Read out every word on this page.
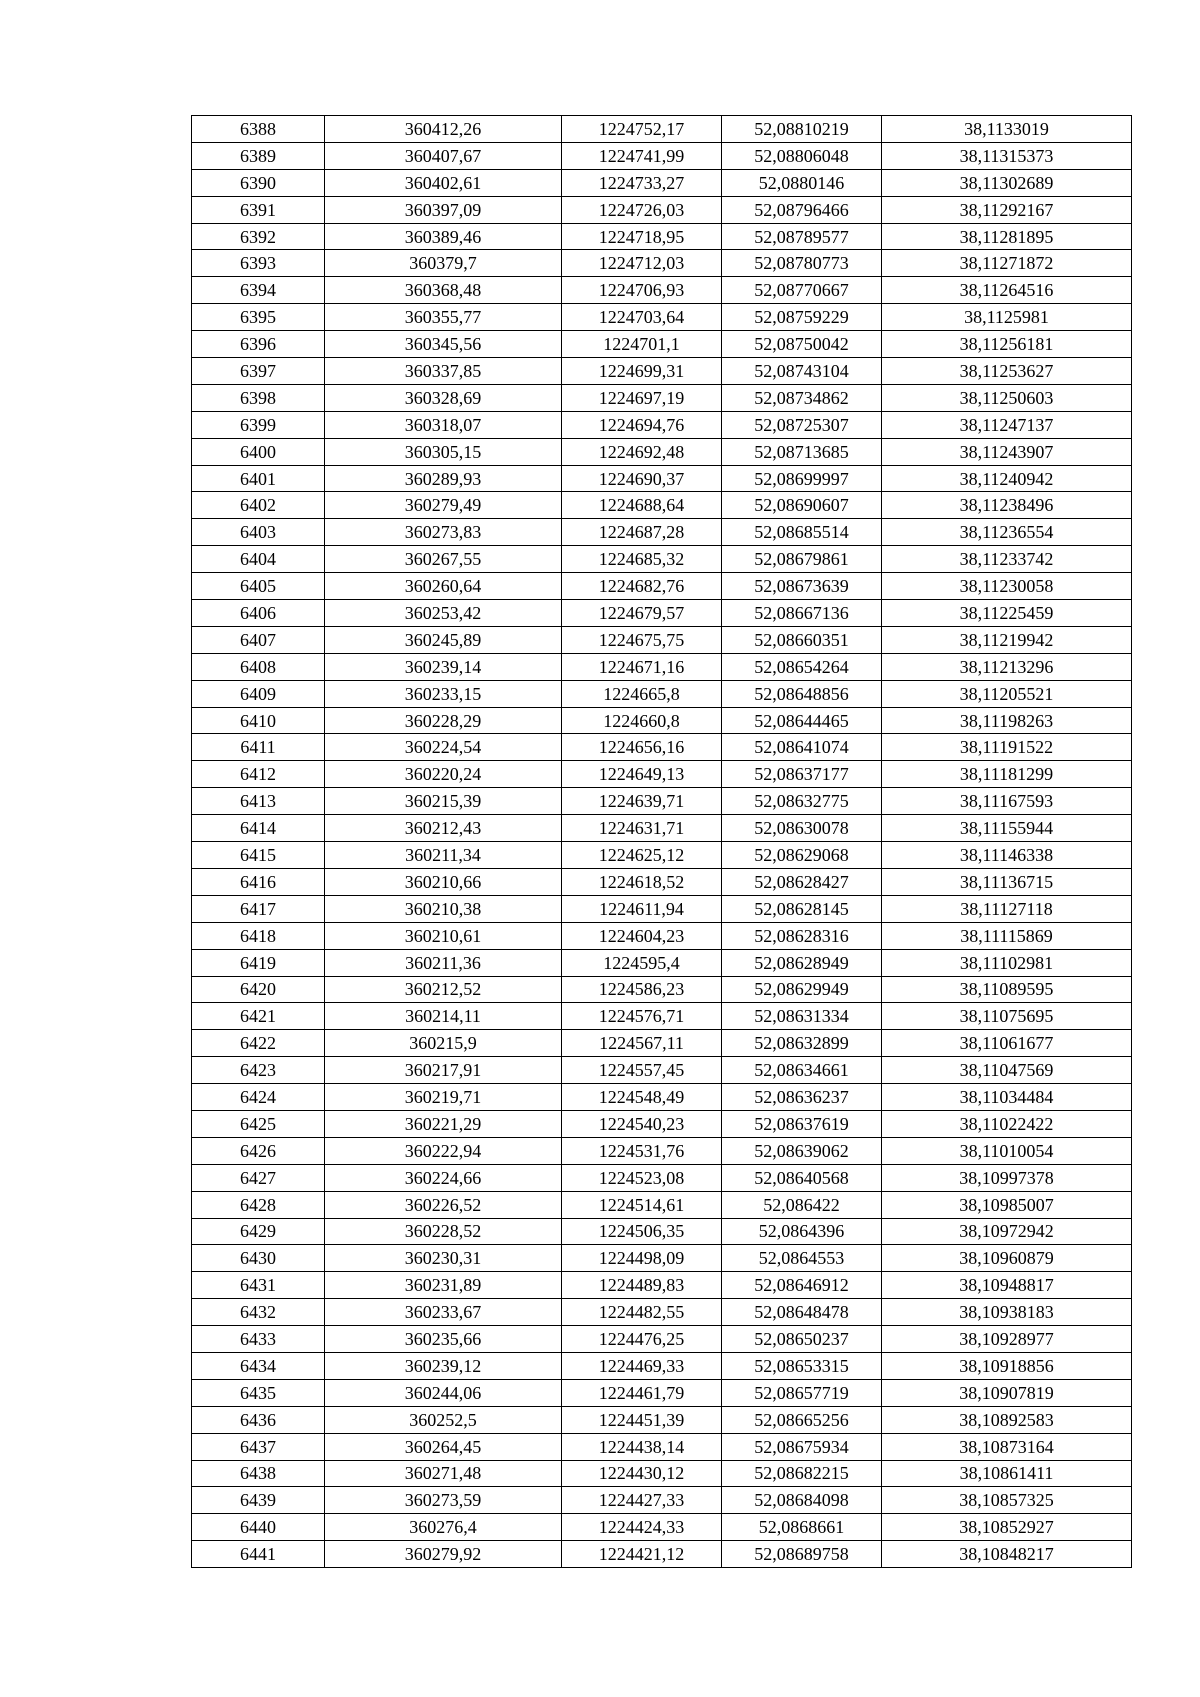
6388	360412,26	1224752,17	52,08810219	38,1133019
6389	360407,67	1224741,99	52,08806048	38,11315373
6390	360402,61	1224733,27	52,0880146	38,11302689
6391	360397,09	1224726,03	52,08796466	38,11292167
6392	360389,46	1224718,95	52,08789577	38,11281895
6393	360379,7	1224712,03	52,08780773	38,11271872
6394	360368,48	1224706,93	52,08770667	38,11264516
6395	360355,77	1224703,64	52,08759229	38,1125981
6396	360345,56	1224701,1	52,08750042	38,11256181
6397	360337,85	1224699,31	52,08743104	38,11253627
6398	360328,69	1224697,19	52,08734862	38,11250603
6399	360318,07	1224694,76	52,08725307	38,11247137
6400	360305,15	1224692,48	52,08713685	38,11243907
6401	360289,93	1224690,37	52,08699997	38,11240942
6402	360279,49	1224688,64	52,08690607	38,11238496
6403	360273,83	1224687,28	52,08685514	38,11236554
6404	360267,55	1224685,32	52,08679861	38,11233742
6405	360260,64	1224682,76	52,08673639	38,11230058
6406	360253,42	1224679,57	52,08667136	38,11225459
6407	360245,89	1224675,75	52,08660351	38,11219942
6408	360239,14	1224671,16	52,08654264	38,11213296
6409	360233,15	1224665,8	52,08648856	38,11205521
6410	360228,29	1224660,8	52,08644465	38,11198263
6411	360224,54	1224656,16	52,08641074	38,11191522
6412	360220,24	1224649,13	52,08637177	38,11181299
6413	360215,39	1224639,71	52,08632775	38,11167593
6414	360212,43	1224631,71	52,08630078	38,11155944
6415	360211,34	1224625,12	52,08629068	38,11146338
6416	360210,66	1224618,52	52,08628427	38,11136715
6417	360210,38	1224611,94	52,08628145	38,11127118
6418	360210,61	1224604,23	52,08628316	38,11115869
6419	360211,36	1224595,4	52,08628949	38,11102981
6420	360212,52	1224586,23	52,08629949	38,11089595
6421	360214,11	1224576,71	52,08631334	38,11075695
6422	360215,9	1224567,11	52,08632899	38,11061677
6423	360217,91	1224557,45	52,08634661	38,11047569
6424	360219,71	1224548,49	52,08636237	38,11034484
6425	360221,29	1224540,23	52,08637619	38,11022422
6426	360222,94	1224531,76	52,08639062	38,11010054
6427	360224,66	1224523,08	52,08640568	38,10997378
6428	360226,52	1224514,61	52,086422	38,10985007
6429	360228,52	1224506,35	52,0864396	38,10972942
6430	360230,31	1224498,09	52,0864553	38,10960879
6431	360231,89	1224489,83	52,08646912	38,10948817
6432	360233,67	1224482,55	52,08648478	38,10938183
6433	360235,66	1224476,25	52,08650237	38,10928977
6434	360239,12	1224469,33	52,08653315	38,10918856
6435	360244,06	1224461,79	52,08657719	38,10907819
6436	360252,5	1224451,39	52,08665256	38,10892583
6437	360264,45	1224438,14	52,08675934	38,10873164
6438	360271,48	1224430,12	52,08682215	38,10861411
6439	360273,59	1224427,33	52,08684098	38,10857325
6440	360276,4	1224424,33	52,0868661	38,10852927
6441	360279,92	1224421,12	52,08689758	38,10848217
